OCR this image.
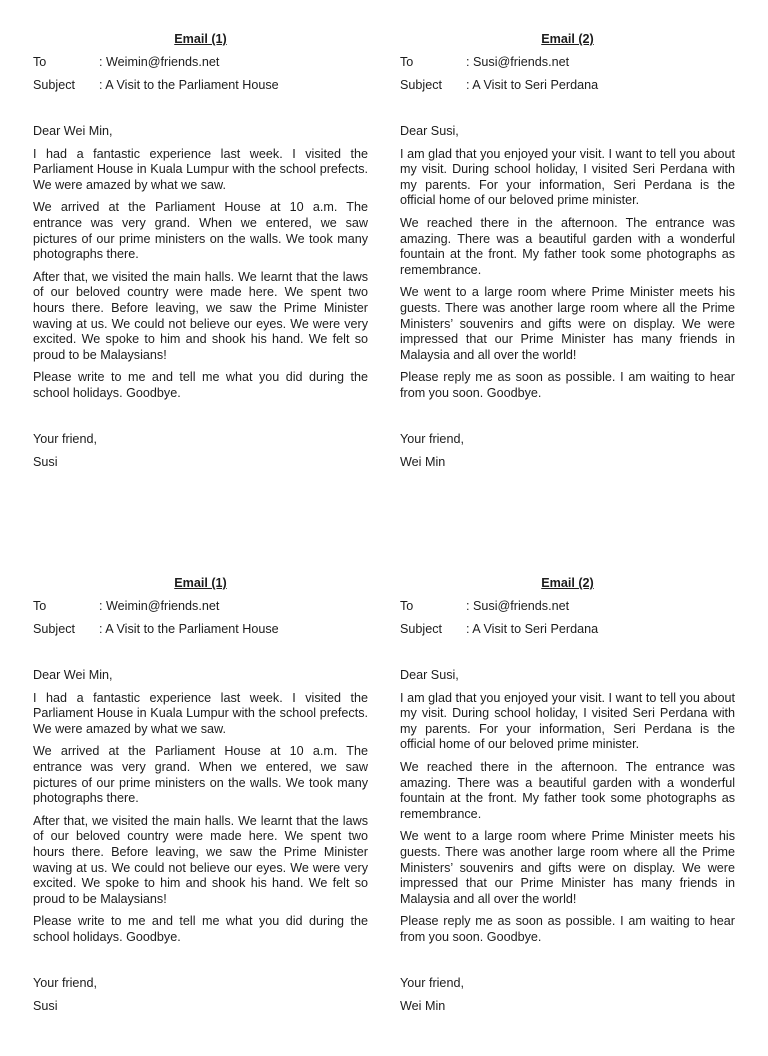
Email (1)
To	: Weimin@friends.net
Subject	: A Visit to the Parliament House
Dear Wei Min,

I had a fantastic experience last week. I visited the Parliament House in Kuala Lumpur with the school prefects. We were amazed by what we saw.

We arrived at the Parliament House at 10 a.m. The entrance was very grand. When we entered, we saw pictures of our prime ministers on the walls. We took many photographs there.

After that, we visited the main halls. We learnt that the laws of our beloved country were made here. We spent two hours there. Before leaving, we saw the Prime Minister waving at us. We could not believe our eyes. We were very excited. We spoke to him and shook his hand. We felt so proud to be Malaysians!

Please write to me and tell me what you did during the school holidays. Goodbye.

Your friend,
Susi
Email (2)
To	: Susi@friends.net
Subject	: A Visit to Seri Perdana
Dear Susi,

I am glad that you enjoyed your visit. I want to tell you about my visit. During school holiday, I visited Seri Perdana with my parents. For your information, Seri Perdana is the official home of our beloved prime minister.

We reached there in the afternoon. The entrance was amazing. There was a beautiful garden with a wonderful fountain at the front. My father took some photographs as remembrance.

We went to a large room where Prime Minister meets his guests. There was another large room where all the Prime Ministers’ souvenirs and gifts were on display. We were impressed that our Prime Minister has many friends in Malaysia and all over the world!

Please reply me as soon as possible. I am waiting to hear from you soon. Goodbye.

Your friend,
Wei Min
Email (1)
To	: Weimin@friends.net
Subject	: A Visit to the Parliament House
Dear Wei Min,

I had a fantastic experience last week. I visited the Parliament House in Kuala Lumpur with the school prefects. We were amazed by what we saw.

We arrived at the Parliament House at 10 a.m. The entrance was very grand. When we entered, we saw pictures of our prime ministers on the walls. We took many photographs there.

After that, we visited the main halls. We learnt that the laws of our beloved country were made here. We spent two hours there. Before leaving, we saw the Prime Minister waving at us. We could not believe our eyes. We were very excited. We spoke to him and shook his hand. We felt so proud to be Malaysians!

Please write to me and tell me what you did during the school holidays. Goodbye.

Your friend,
Susi
Email (2)
To	: Susi@friends.net
Subject	: A Visit to Seri Perdana
Dear Susi,

I am glad that you enjoyed your visit. I want to tell you about my visit. During school holiday, I visited Seri Perdana with my parents. For your information, Seri Perdana is the official home of our beloved prime minister.

We reached there in the afternoon. The entrance was amazing. There was a beautiful garden with a wonderful fountain at the front. My father took some photographs as remembrance.

We went to a large room where Prime Minister meets his guests. There was another large room where all the Prime Ministers’ souvenirs and gifts were on display. We were impressed that our Prime Minister has many friends in Malaysia and all over the world!

Please reply me as soon as possible. I am waiting to hear from you soon. Goodbye.

Your friend,
Wei Min
